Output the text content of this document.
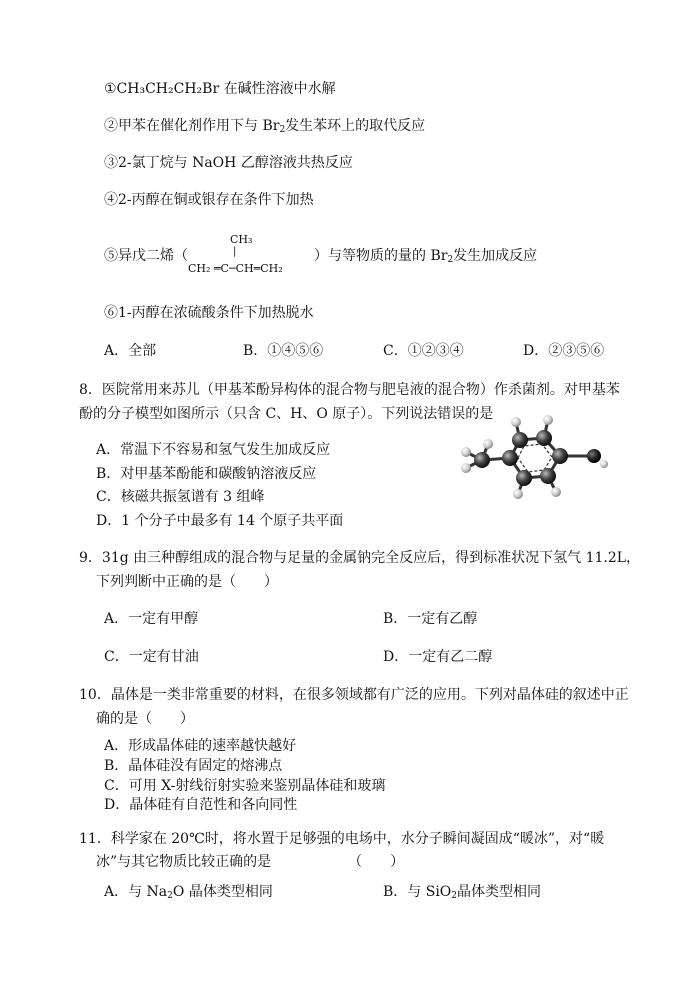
①CH₃CH₂CH₂Br 在碱性溶液中水解
②甲苯在催化剂作用下与 $Br_2$发生苯环上的取代反应
③2-氯丁烷与 NaOH 乙醇溶液共热反应
④2-丙醇在铜或银存在条件下加热
⑤异戊二烯（
CH₃
|
CH₂ ═C─CH═CH₂
）与等物质的量的 $Br_2$发生加成反应
⑥1-丙醇在浓硫酸条件下加热脱水
A．全部	B．①④⑤⑥	C．①②③④	D．②③⑤⑥
8．医院常用来苏儿（甲基苯酚异构体的混合物与肥皂液的混合物）作杀菌剂。对甲基苯
酚的分子模型如图所示（只含 C、H、O 原子）。下列说法错误的是
A．常温下不容易和氢气发生加成反应
B．对甲基苯酚能和碳酸钠溶液反应
C．核磁共振氢谱有 3 组峰
D．1 个分子中最多有 14 个原子共平面
9．31g 由三种醇组成的混合物与足量的金属钠完全反应后，得到标准状况下氢气 11.2L，
下列判断中正确的是（　　）
A．一定有甲醇	B．一定有乙醇
C．一定有甘油	D．一定有乙二醇
10．晶体是一类非常重要的材料，在很多领域都有广泛的应用。下列对晶体硅的叙述中正
确的是（　　）
A．形成晶体硅的速率越快越好
B．晶体硅没有固定的熔沸点
C．可用 X-射线衍射实验来鉴别晶体硅和玻璃
D．晶体硅有自范性和各向同性
11．科学家在 20℃时，将水置于足够强的电场中，水分子瞬间凝固成“暖冰”，对“暖
冰”与其它物质比较正确的是　　　　　　（　　）
A．与 $Na_2O$ 晶体类型相同	B．与 SiO$_2$晶体类型相同
